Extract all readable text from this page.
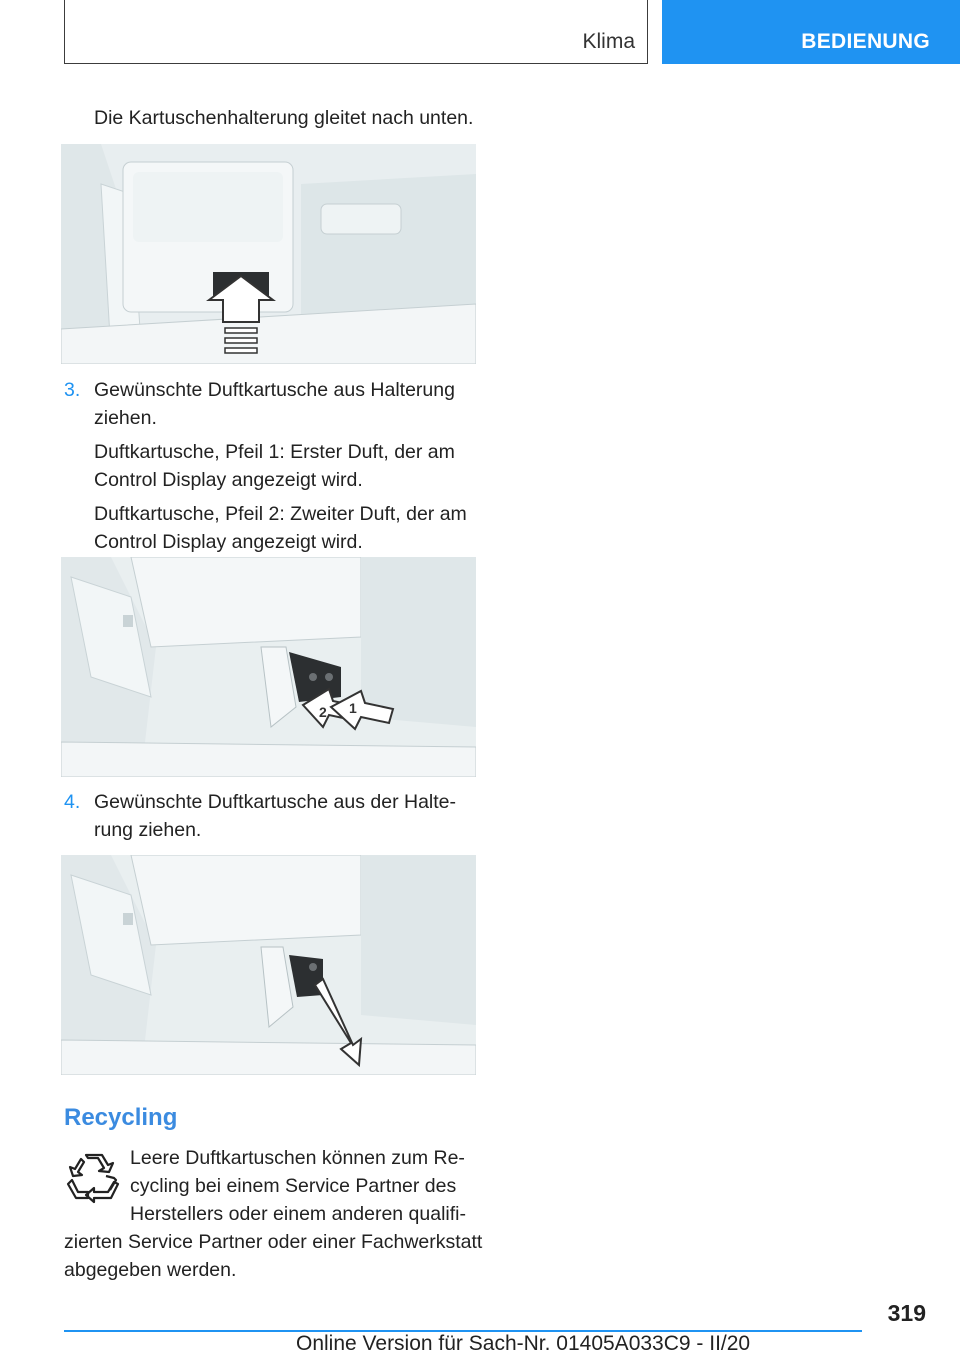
Klima	BEDIENUNG
Die Kartuschenhalterung gleitet nach unten.
3. Gewünschte Duftkartusche aus Halterung
ziehen.
Duftkartusche, Pfeil 1: Erster Duft, der am
Control Display angezeigt wird.
Duftkartusche, Pfeil 2: Zweiter Duft, der am
Control Display angezeigt wird.
2 1
4. Gewünschte Duftkartusche aus der Halte-
rung ziehen.
Recycling
Leere Duftkartuschen können zum Re-
cycling bei einem Service Partner des
Herstellers oder einem anderen qualifi-
zierten Service Partner oder einer Fachwerkstatt
abgegeben werden.
319
Online Version für Sach-Nr. 01405A033C9 - II/20
